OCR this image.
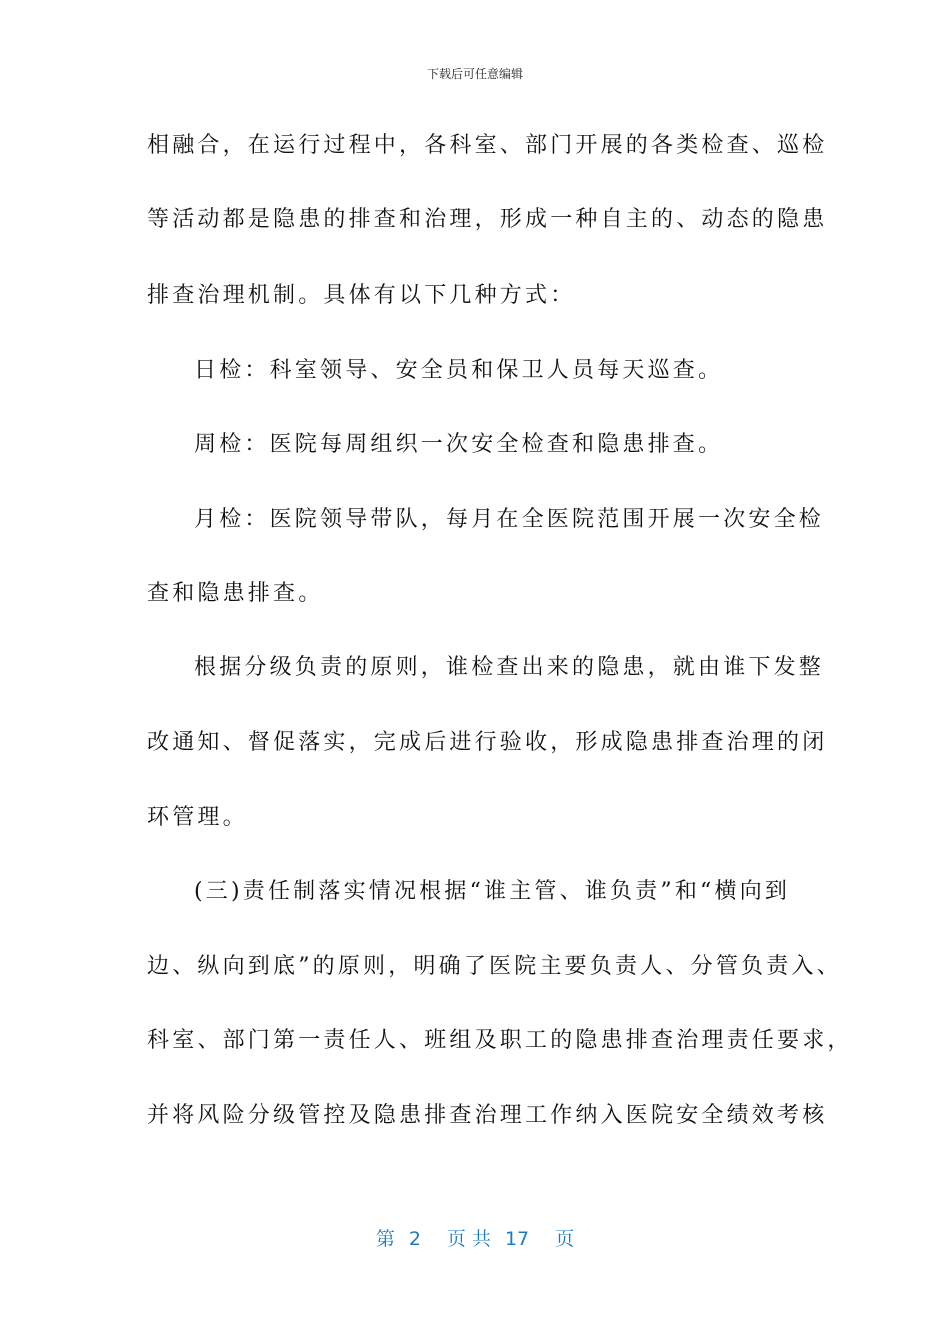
下载后可任意编辑
相融合，在运行过程中，各科室、部门开展的各类检查、巡检
等活动都是隐患的排查和治理，形成一种自主的、动态的隐患
排查治理机制。具体有以下几种方式：
日检：科室领导、安全员和保卫人员每天巡查。
周检：医院每周组织一次安全检查和隐患排查。
月检：医院领导带队，每月在全医院范围开展一次安全检
查和隐患排查。
根据分级负责的原则，谁检查出来的隐患，就由谁下发整
改通知、督促落实，完成后进行验收，形成隐患排查治理的闭
环管理。
(三)责任制落实情况根据“谁主管、谁负责”和“横向到
边、纵向到底”的原则，明确了医院主要负责人、分管负责入、
科室、部门第一责任人、班组及职工的隐患排查治理责任要求，
并将风险分级管控及隐患排查治理工作纳入医院安全绩效考核
第 2 页 共 17 页
